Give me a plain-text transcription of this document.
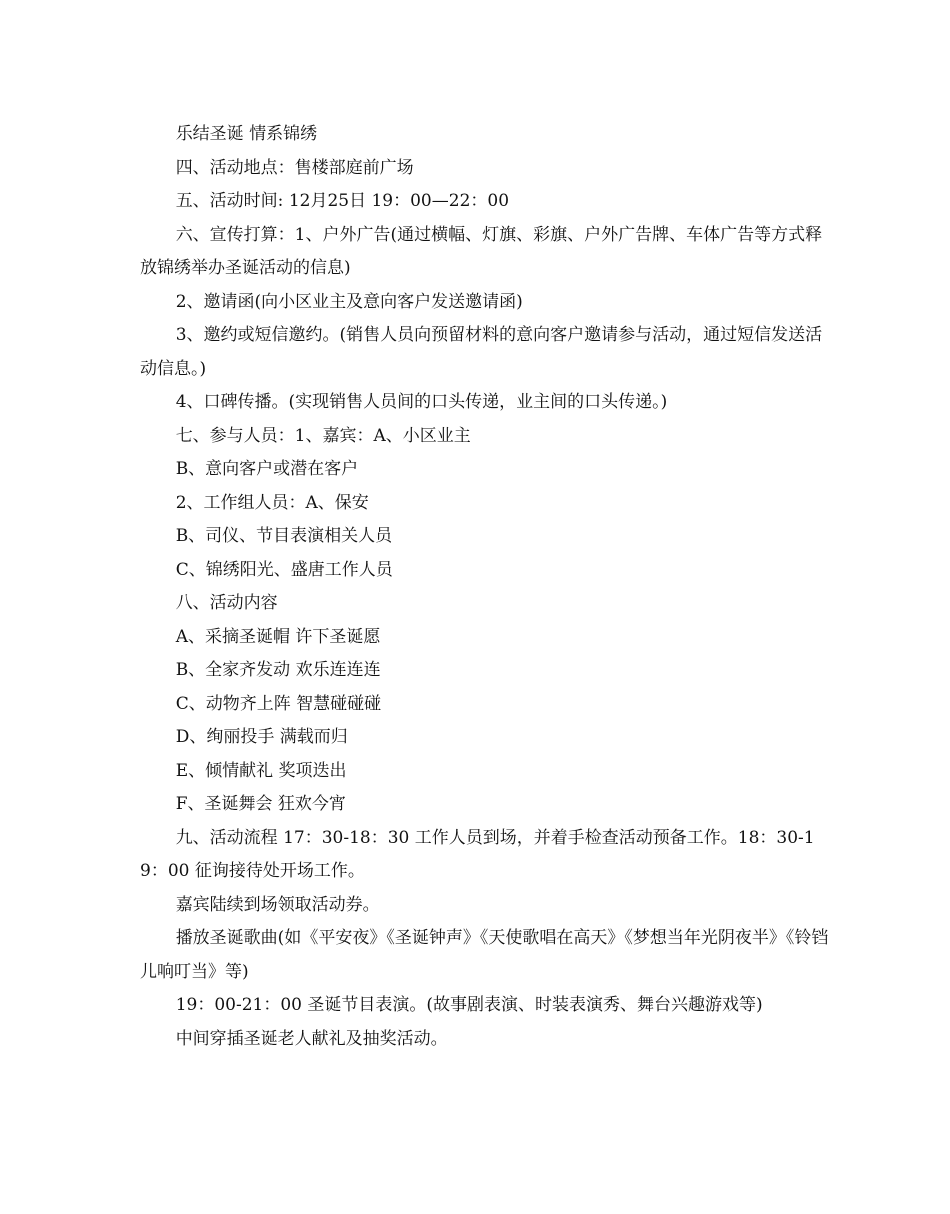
乐结圣诞 情系锦绣

四、活动地点：售楼部庭前广场

五、活动时间: 12月25日 19：00—22：00

六、宣传打算：1、户外广告(通过横幅、灯旗、彩旗、户外广告牌、车体广告等方式释放锦绣举办圣诞活动的信息)

2、邀请函(向小区业主及意向客户发送邀请函)

3、邀约或短信邀约。(销售人员向预留材料的意向客户邀请参与活动，通过短信发送活动信息。)

4、口碑传播。(实现销售人员间的口头传递，业主间的口头传递。)

七、参与人员：1、嘉宾：A、小区业主

B、意向客户或潜在客户

2、工作组人员：A、保安

B、司仪、节目表演相关人员

C、锦绣阳光、盛唐工作人员

八、活动内容

A、采摘圣诞帽 许下圣诞愿

B、全家齐发动 欢乐连连连

C、动物齐上阵 智慧碰碰碰

D、绚丽投手 满载而归

E、倾情献礼 奖项迭出

F、圣诞舞会 狂欢今宵

九、活动流程 17：30-18：30 工作人员到场，并着手检查活动预备工作。18：30-19：00 征询接待处开场工作。

嘉宾陆续到场领取活动券。

播放圣诞歌曲(如《平安夜》《圣诞钟声》《天使歌唱在高天》《梦想当年光阴夜半》《铃铛儿响叮当》等)

19：00-21：00 圣诞节目表演。(故事剧表演、时装表演秀、舞台兴趣游戏等)

中间穿插圣诞老人献礼及抽奖活动。
